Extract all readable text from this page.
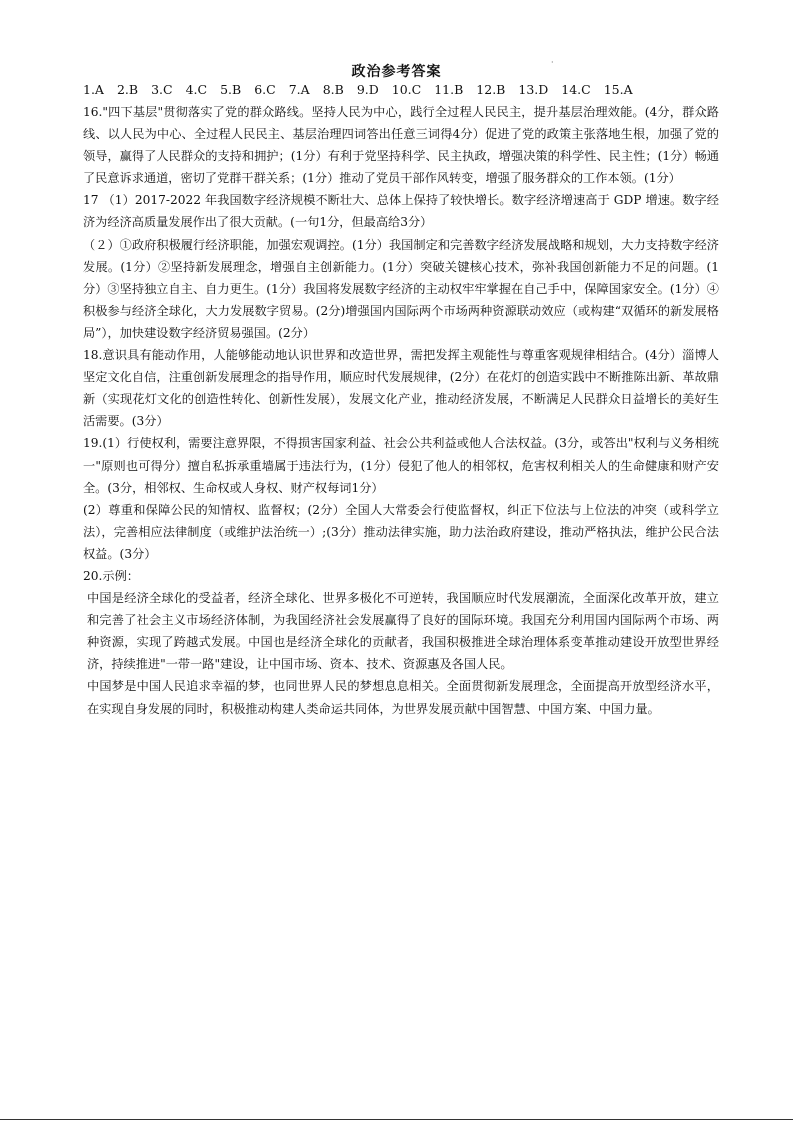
政治参考答案
·
1.A 2.B 3.C 4.C 5.B 6.C 7.A 8.B 9.D 10.C 11.B 12.B 13.D 14.C 15.A

16."四下基层"贯彻落实了党的群众路线。坚持人民为中心，践行全过程人民民主，提升基层治理效能。(4分，群众路线、以人民为中心、全过程人民民主、基层治理四词答出任意三词得4分）促进了党的政策主张落地生根，加强了党的领导，赢得了人民群众的支持和拥护；(1分）有利于党坚持科学、民主执政，增强决策的科学性、民主性；(1分）畅通了民意诉求通道，密切了党群干群关系；(1分）推动了党员干部作风转变，增强了服务群众的工作本领。(1分）

17 （1）2017-2022 年我国数字经济规模不断壮大、总体上保持了较快增长。数字经济增速高于 GDP 增速。数字经济为经济高质量发展作出了很大贡献。(一句1分，但最高给3分）

（２）①政府积极履行经济职能，加强宏观调控。(1分）我国制定和完善数字经济发展战略和规划，大力支持数字经济发展。(1分）②坚持新发展理念，增强自主创新能力。(1分）突破关键核心技术，弥补我国创新能力不足的问题。(1分）③坚持独立自主、自力更生。(1分）我国将发展数字经济的主动权牢牢掌握在自己手中，保障国家安全。(1分）④积极参与经济全球化，大力发展数字贸易。(2分)增强国内国际两个市场两种资源联动效应（或构建“双循环的新发展格局”），加快建设数字经济贸易强国。(2分）

18.意识具有能动作用，人能够能动地认识世界和改造世界，需把发挥主观能性与尊重客观规律相结合。(4分）淄博人坚定文化自信，注重创新发展理念的指导作用，顺应时代发展规律，(2分）在花灯的创造实践中不断推陈出新、革故鼎新（实现花灯文化的创造性转化、创新性发展），发展文化产业，推动经济发展，不断满足人民群众日益增长的美好生活需要。(3分）

19.(1）行使权利，需要注意界限，不得损害国家利益、社会公共利益或他人合法权益。(3分，或答出"权利与义务相统一"原则也可得分）擅自私拆承重墙属于违法行为，(1分）侵犯了他人的相邻权，危害权利相关人的生命健康和财产安全。(3分，相邻权、生命权或人身权、财产权每词1分）

(2）尊重和保障公民的知情权、监督权；(2分）全国人大常委会行使监督权，纠正下位法与上位法的冲突（或科学立法），完善相应法律制度（或维护法治统一）;(3分）推动法律实施，助力法治政府建设，推动严格执法，维护公民合法权益。(3分）

20.示例：

中国是经济全球化的受益者，经济全球化、世界多极化不可逆转，我国顺应时代发展潮流，全面深化改革开放，建立和完善了社会主义市场经济体制，为我国经济社会发展赢得了良好的国际环境。我国充分利用国内国际两个市场、两种资源，实现了跨越式发展。中国也是经济全球化的贡献者，我国积极推进全球治理体系变革推动建设开放型世界经济，持续推进"一带一路"建设，让中国市场、资本、技术、资源惠及各国人民。

中国梦是中国人民追求幸福的梦，也同世界人民的梦想息息相关。全面贯彻新发展理念，全面提高开放型经济水平，在实现自身发展的同时，积极推动构建人类命运共同体，为世界发展贡献中国智慧、中国方案、中国力量。
